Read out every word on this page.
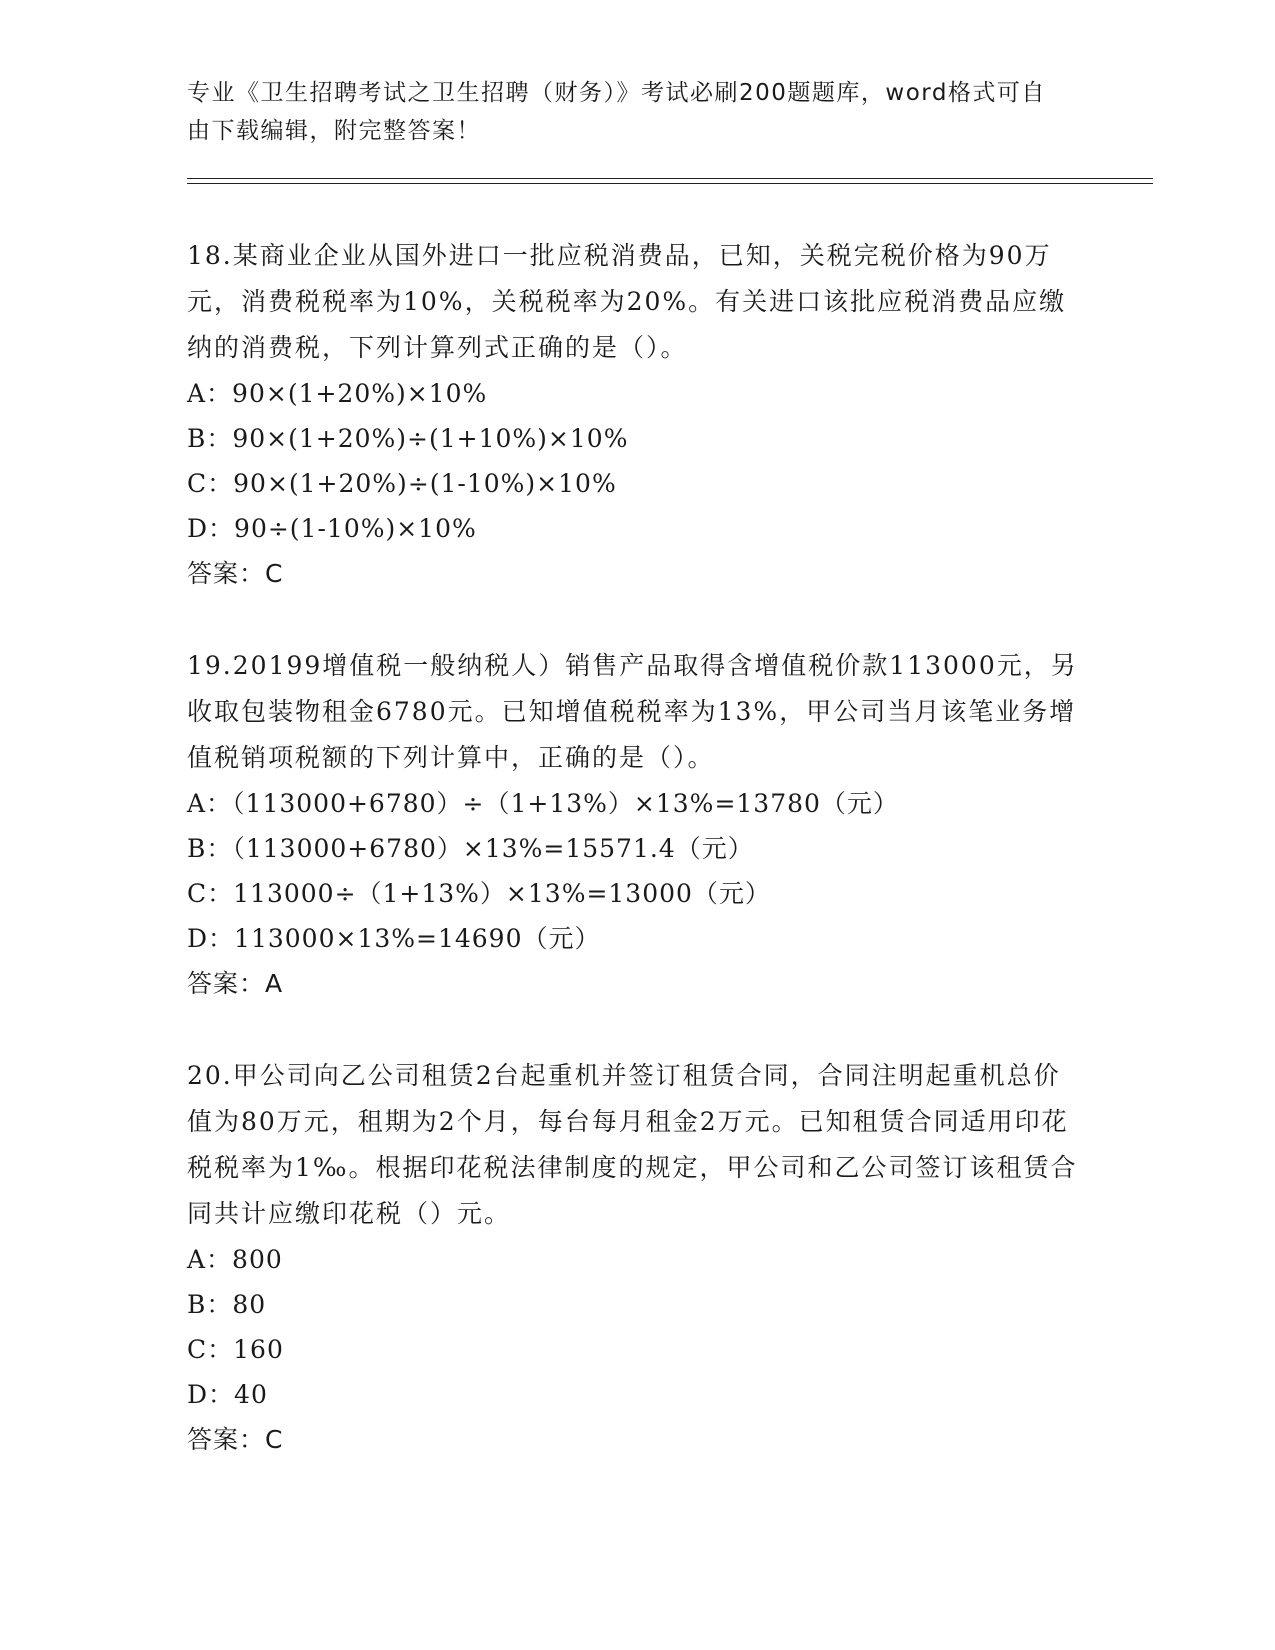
专业《卫生招聘考试之卫生招聘（财务）》考试必刷200题题库，word格式可自由下载编辑，附完整答案！

18.某商业企业从国外进口一批应税消费品，已知，关税完税价格为90万元，消费税税率为10%，关税税率为20%。有关进口该批应税消费品应缴纳的消费税，下列计算列式正确的是（）。

A：90×(1+20%)×10%

B：90×(1+20%)÷(1+10%)×10%

C：90×(1+20%)÷(1-10%)×10%

D：90÷(1-10%)×10%

答案：C

19.20199增值税一般纳税人）销售产品取得含增值税价款113000元，另收取包装物租金6780元。已知增值税税率为13%，甲公司当月该笔业务增值税销项税额的下列计算中，正确的是（）。

A：（113000+6780）÷（1+13%）×13%=13780（元）

B：（113000+6780）×13%=15571.4（元）

C：113000÷（1+13%）×13%=13000（元）

D：113000×13%=14690（元）

答案：A

20.甲公司向乙公司租赁2台起重机并签订租赁合同，合同注明起重机总价值为80万元，租期为2个月，每台每月租金2万元。已知租赁合同适用印花税税率为1‰。根据印花税法律制度的规定，甲公司和乙公司签订该租赁合同共计应缴印花税（）元。

A：800

B：80

C：160

D：40

答案：C
